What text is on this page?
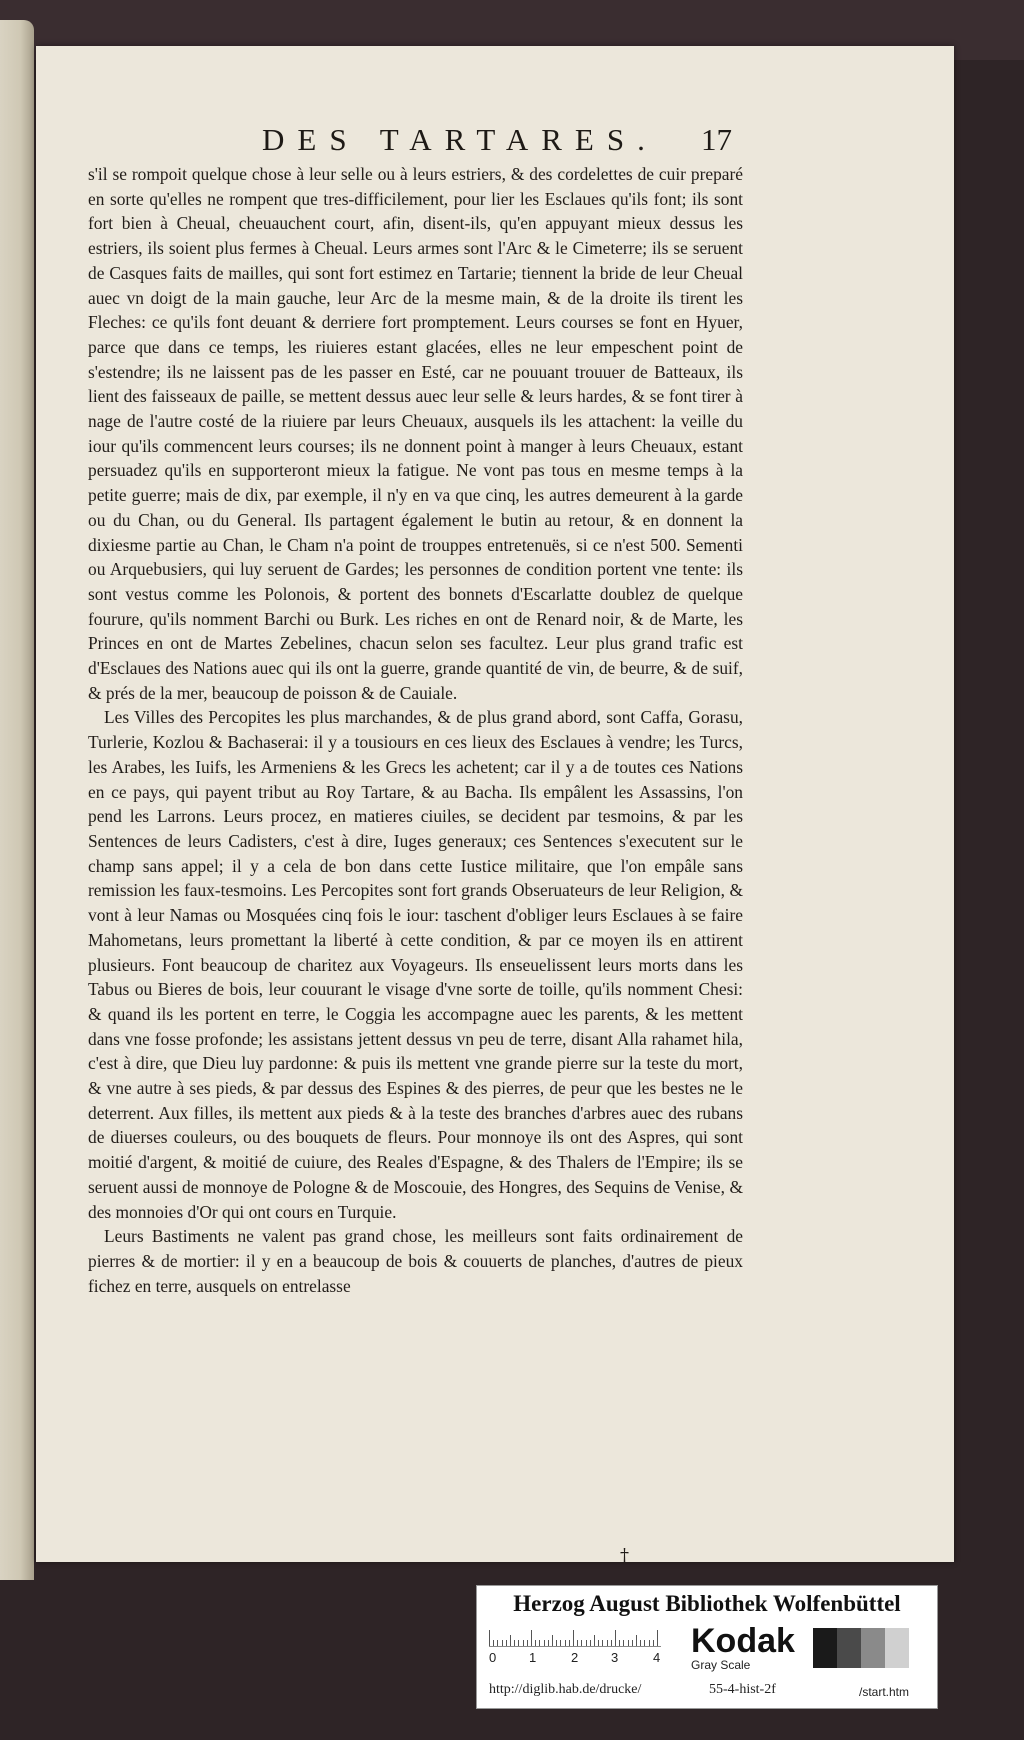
DES TARTARES. 17

s'il se rompoit quelque chose à leur selle ou à leurs estriers, & des cordelettes de cuir preparé en sorte qu'elles ne rompent que tres-difficilement, pour lier les Esclaues qu'ils font; ils sont fort bien à Cheual, cheuauchent court, afin, disent-ils, qu'en appuyant mieux dessus les estriers, ils soient plus fermes à Cheual. Leurs armes sont l'Arc & le Cimeterre; ils se seruent de Casques faits de mailles, qui sont fort estimez en Tartarie; tiennent la bride de leur Cheual auec vn doigt de la main gauche, leur Arc de la mesme main, & de la droite ils tirent les Fleches: ce qu'ils font deuant & derriere fort promptement. Leurs courses se font en Hyuer, parce que dans ce temps, les riuieres estant glacées, elles ne leur empeschent point de s'estendre; ils ne laissent pas de les passer en Esté, car ne pouuant trouuer de Batteaux, ils lient des faisseaux de paille, se mettent dessus auec leur selle & leurs hardes, & se font tirer à nage de l'autre costé de la riuiere par leurs Cheuaux, ausquels ils les attachent: la veille du iour qu'ils commencent leurs courses; ils ne donnent point à manger à leurs Cheuaux, estant persuadez qu'ils en supporteront mieux la fatigue. Ne vont pas tous en mesme temps à la petite guerre; mais de dix, par exemple, il n'y en va que cinq, les autres demeurent à la garde ou du Chan, ou du General. Ils partagent également le butin au retour, & en donnent la dixiesme partie au Chan, le Cham n'a point de trouppes entretenuës, si ce n'est 500. Sementi ou Arquebusiers, qui luy seruent de Gardes; les personnes de condition portent vne tente: ils sont vestus comme les Polonois, & portent des bonnets d'Escarlatte doublez de quelque fourure, qu'ils nomment Barchi ou Burk. Les riches en ont de Renard noir, & de Marte, les Princes en ont de Martes Zebelines, chacun selon ses facultez. Leur plus grand trafic est d'Esclaues des Nations auec qui ils ont la guerre, grande quantité de vin, de beurre, & de suif, & prés de la mer, beaucoup de poisson & de Cauiale.

Les Villes des Percopites les plus marchandes, & de plus grand abord, sont Caffa, Gorasu, Turlerie, Kozlou & Bachaserai: il y a tousiours en ces lieux des Esclaues à vendre; les Turcs, les Arabes, les Iuifs, les Armeniens & les Grecs les achetent; car il y a de toutes ces Nations en ce pays, qui payent tribut au Roy Tartare, & au Bacha. Ils empâlent les Assassins, l'on pend les Larrons. Leurs procez, en matieres ciuiles, se decident par tesmoins, & par les Sentences de leurs Cadisters, c'est à dire, Iuges generaux; ces Sentences s'executent sur le champ sans appel; il y a cela de bon dans cette Iustice militaire, que l'on empâle sans remission les faux-tesmoins. Les Percopites sont fort grands Obseruateurs de leur Religion, & vont à leur Namas ou Mosquées cinq fois le iour: taschent d'obliger leurs Esclaues à se faire Mahometans, leurs promettant la liberté à cette condition, & par ce moyen ils en attirent plusieurs. Font beaucoup de charitez aux Voyageurs. Ils enseuelissent leurs morts dans les Tabus ou Bieres de bois, leur couurant le visage d'vne sorte de toille, qu'ils nomment Chesi: & quand ils les portent en terre, le Coggia les accompagne auec les parents, & les mettent dans vne fosse profonde; les assistans jettent dessus vn peu de terre, disant Alla rahamet hila, c'est à dire, que Dieu luy pardonne: & puis ils mettent vne grande pierre sur la teste du mort, & vne autre à ses pieds, & par dessus des Espines & des pierres, de peur que les bestes ne le deterrent. Aux filles, ils mettent aux pieds & à la teste des branches d'arbres auec des rubans de diuerses couleurs, ou des bouquets de fleurs. Pour monnoye ils ont des Aspres, qui sont moitié d'argent, & moitié de cuiure, des Reales d'Espagne, & des Thalers de l'Empire; ils se seruent aussi de monnoye de Pologne & de Moscouie, des Hongres, des Sequins de Venise, & des monnoies d'Or qui ont cours en Turquie.

Leurs Bastiments ne valent pas grand chose, les meilleurs sont faits ordinairement de pierres & de mortier: il y en a beaucoup de bois & couuerts de planches, d'autres de pieux fichez en terre, ausquels on entrelasse

†
Herzog August Bibliothek Wolfenbüttel
0	1	2	3	4 Kodak
Gray Scale
http://diglib.hab.de/drucke/	55-4-hist-2f	/start.htm
